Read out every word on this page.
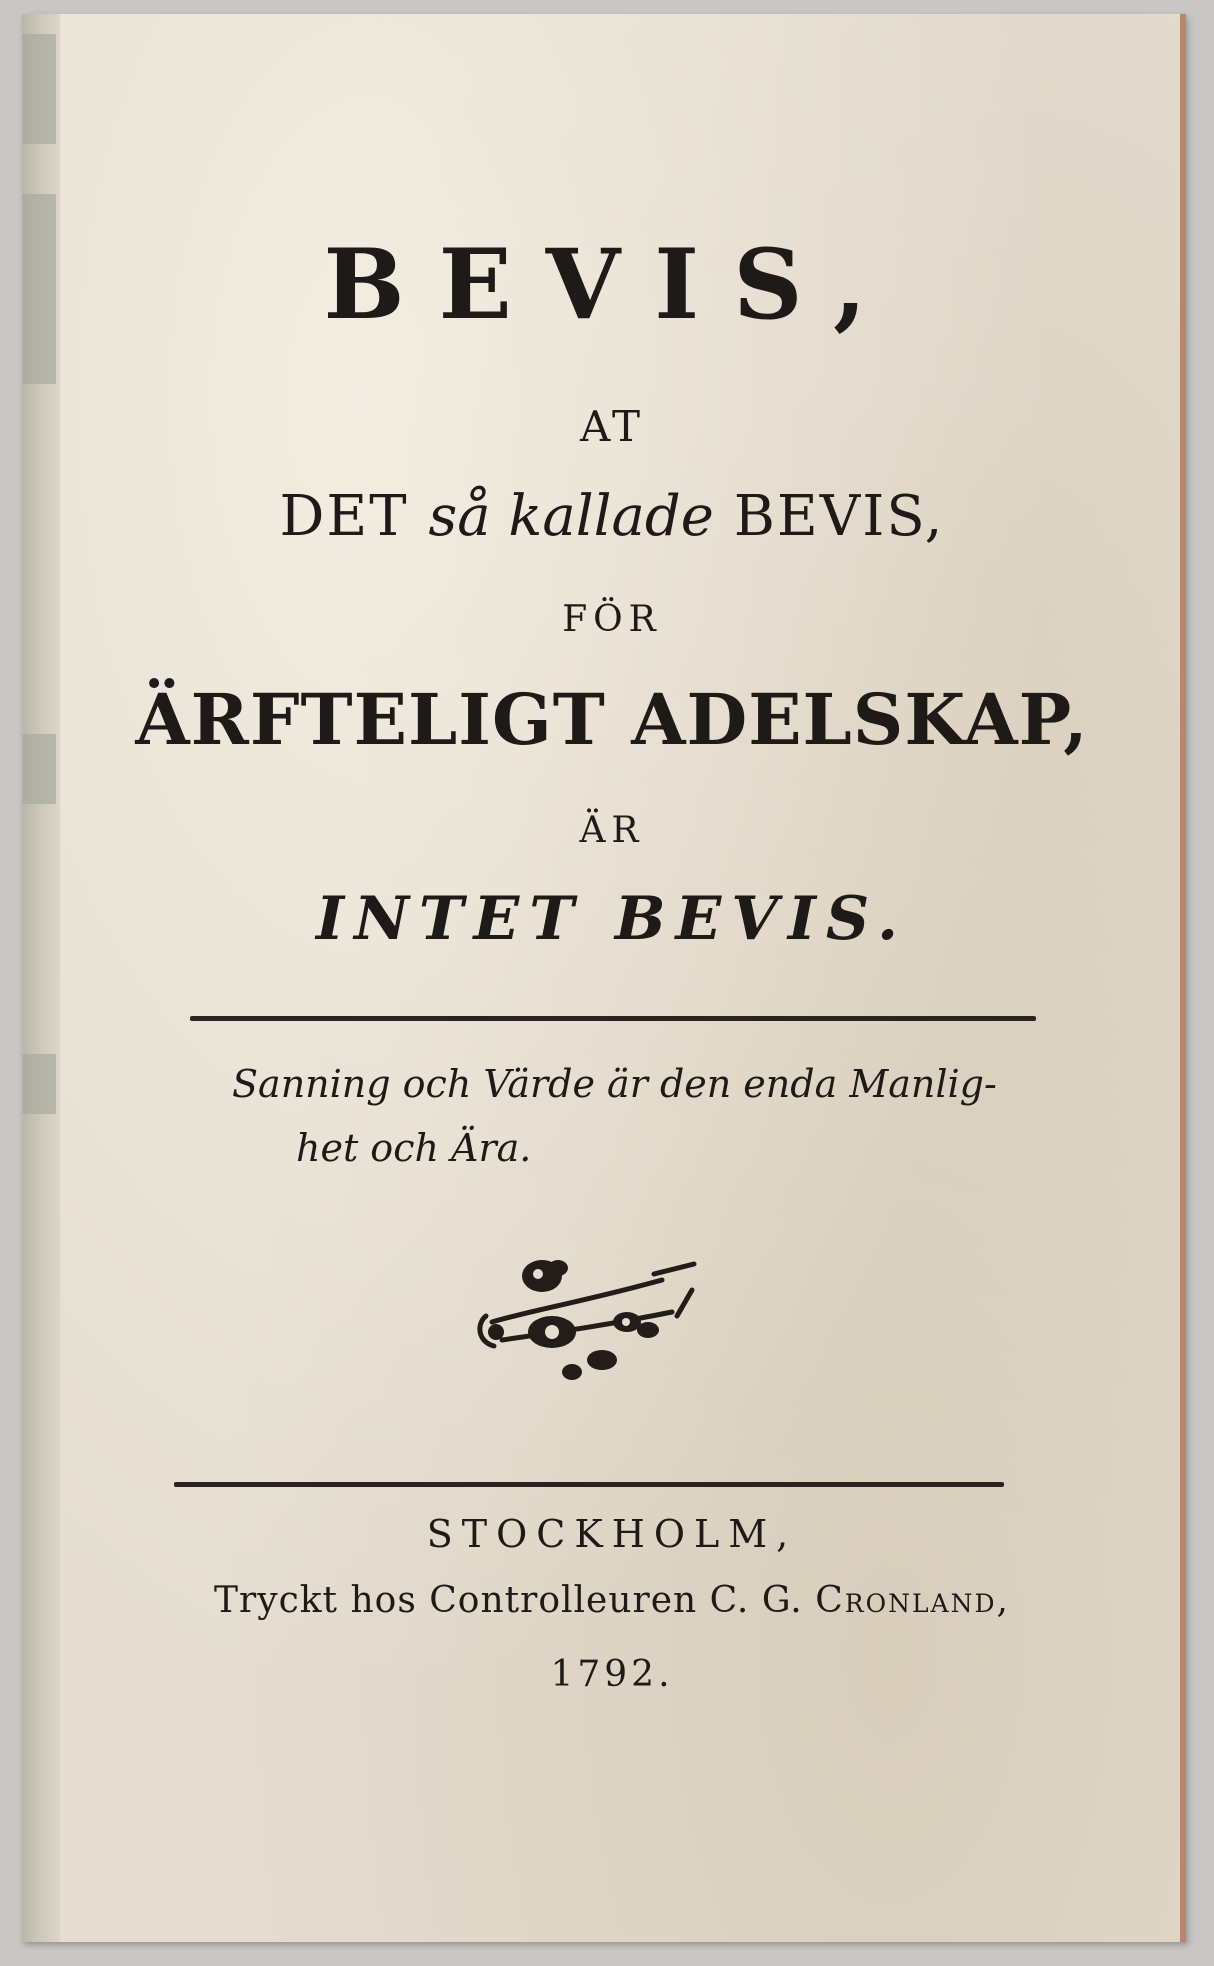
BEVIS,
AT
DET så kallade BEVIS,
FÖR
ÄRFTELIGT ADELSKAP,
ÄR
INTET BEVIS.
Sanning och Värde är den enda Manlig-
het och Ära.
STOCKHOLM,
Tryckt hos Controlleuren C. G. Cronland,
1792.
